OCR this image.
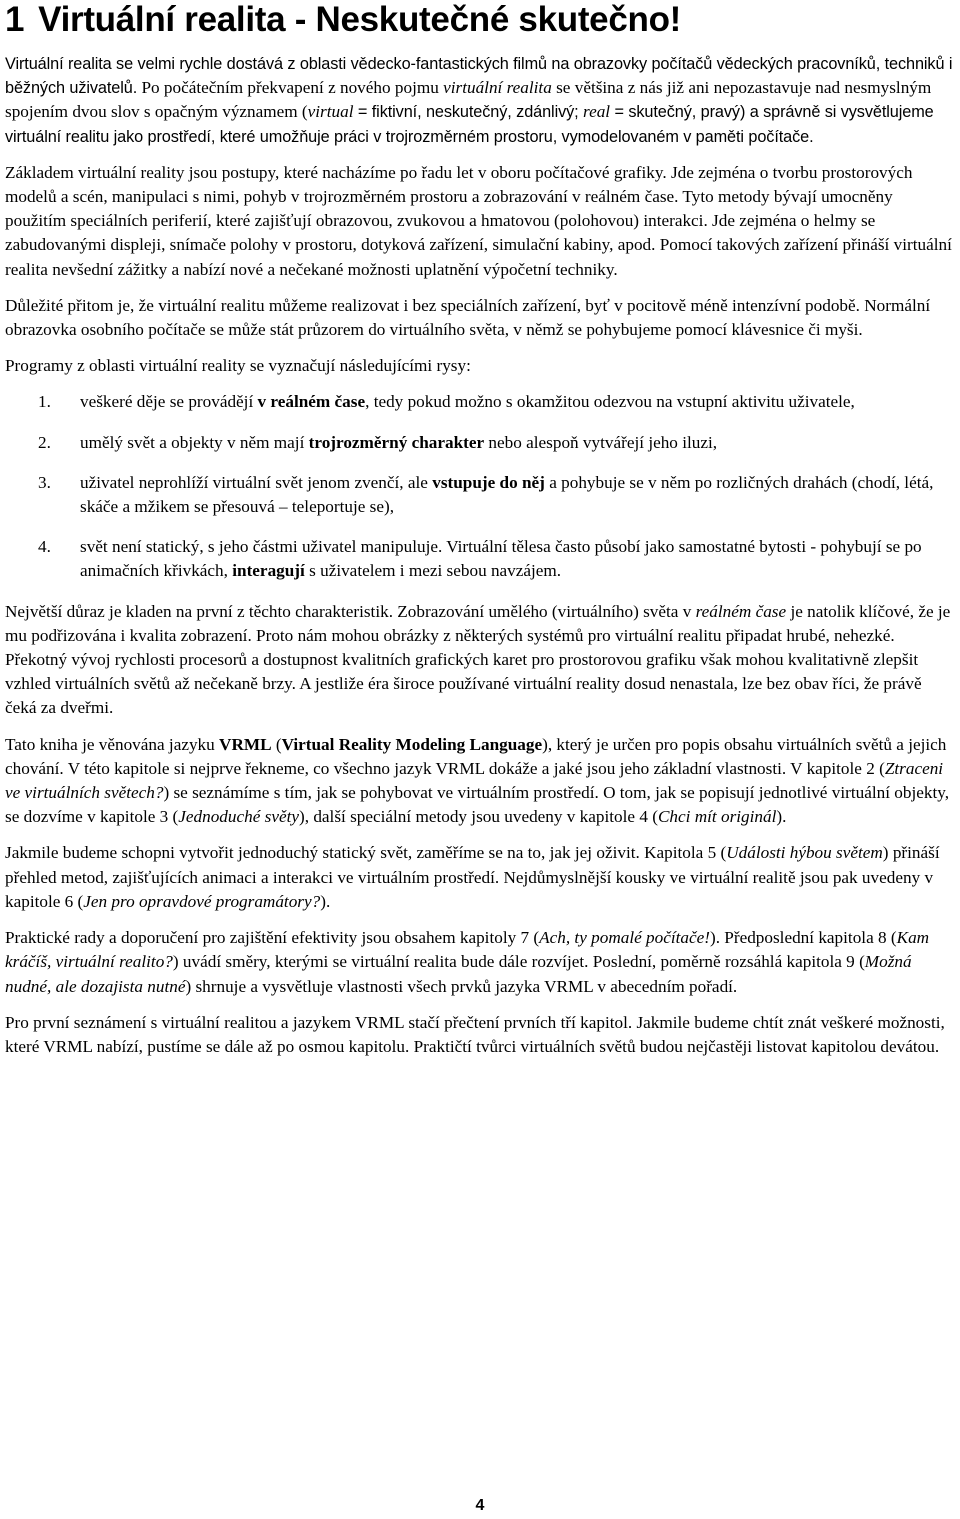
1 Virtuální realita - Neskutečné skutečno!

Virtuální realita se velmi rychle dostává z oblasti vědecko-fantastických filmů na obrazovky počítačů vědeckých pracovníků, techniků i běžných uživatelů. Po počátečním překvapení z nového pojmu virtuální realita se většina z nás již ani nepozastavuje nad nesmyslným spojením dvou slov s opačným významem (virtual = fiktivní, neskutečný, zdánlivý; real = skutečný, pravý) a správně si vysvětlujeme virtuální realitu jako prostředí, které umožňuje práci v trojrozměrném prostoru, vymodelovaném v paměti počítače.

Základem virtuální reality jsou postupy, které nacházíme po řadu let v oboru počítačové grafiky. Jde zejména o tvorbu prostorových modelů a scén, manipulaci s nimi, pohyb v trojrozměrném prostoru a zobrazování v reálném čase. Tyto metody bývají umocněny použitím speciálních periferií, které zajišťují obrazovou, zvukovou a hmatovou (polohovou) interakci. Jde zejména o helmy se zabudovanými displeji, snímače polohy v prostoru, dotyková zařízení, simulační kabiny, apod. Pomocí takových zařízení přináší virtuální realita nevšední zážitky a nabízí nové a nečekané možnosti uplatnění výpočetní techniky.

Důležité přitom je, že virtuální realitu můžeme realizovat i bez speciálních zařízení, byť v pocitově méně intenzívní podobě. Normální obrazovka osobního počítače se může stát průzorem do virtuálního světa, v němž se pohybujeme pomocí klávesnice či myši.

Programy z oblasti virtuální reality se vyznačují následujícími rysy:

1. veškeré děje se provádějí v reálném čase, tedy pokud možno s okamžitou odezvou na vstupní aktivitu uživatele,
2. umělý svět a objekty v něm mají trojrozměrný charakter nebo alespoň vytvářejí jeho iluzi,
3. uživatel neprohlíží virtuální svět jenom zvenčí, ale vstupuje do něj a pohybuje se v něm po rozličných drahách (chodí, létá, skáče a mžikem se přesouvá – teleportuje se),
4. svět není statický, s jeho částmi uživatel manipuluje. Virtuální tělesa často působí jako samostatné bytosti - pohybují se po animačních křivkách, interagují s uživatelem i mezi sebou navzájem.

Největší důraz je kladen na první z těchto charakteristik. Zobrazování umělého (virtuálního) světa v reálném čase je natolik klíčové, že je mu podřizována i kvalita zobrazení. Proto nám mohou obrázky z některých systémů pro virtuální realitu připadat hrubé, nehezké. Překotný vývoj rychlosti procesorů a dostupnost kvalitních grafických karet pro prostorovou grafiku však mohou kvalitativně zlepšit vzhled virtuálních světů až nečekaně brzy. A jestliže éra široce používané virtuální reality dosud nenastala, lze bez obav říci, že právě čeká za dveřmi.

Tato kniha je věnována jazyku VRML (Virtual Reality Modeling Language), který je určen pro popis obsahu virtuálních světů a jejich chování. V této kapitole si nejprve řekneme, co všechno jazyk VRML dokáže a jaké jsou jeho základní vlastnosti. V kapitole 2 (Ztraceni ve virtuálních světech?) se seznámíme s tím, jak se pohybovat ve virtuálním prostředí. O tom, jak se popisují jednotlivé virtuální objekty, se dozvíme v kapitole 3 (Jednoduché světy), další speciální metody jsou uvedeny v kapitole 4 (Chci mít originál).

Jakmile budeme schopni vytvořit jednoduchý statický svět, zaměříme se na to, jak jej oživit. Kapitola 5 (Události hýbou světem) přináší přehled metod, zajišťujících animaci a interakci ve virtuálním prostředí. Nejdůmyslnější kousky ve virtuální realitě jsou pak uvedeny v kapitole 6 (Jen pro opravdové programátory?).

Praktické rady a doporučení pro zajištění efektivity jsou obsahem kapitoly 7 (Ach, ty pomalé počítače!). Předposlední kapitola 8 (Kam kráčíš, virtuální realito?) uvádí směry, kterými se virtuální realita bude dále rozvíjet. Poslední, poměrně rozsáhlá kapitola 9 (Možná nudné, ale dozajista nutné) shrnuje a vysvětluje vlastnosti všech prvků jazyka VRML v abecedním pořadí.

Pro první seznámení s virtuální realitou a jazykem VRML stačí přečtení prvních tří kapitol. Jakmile budeme chtít znát veškeré možnosti, které VRML nabízí, pustíme se dále až po osmou kapitolu. Praktičtí tvůrci virtuálních světů budou nejčastěji listovat kapitolou devátou.

4
